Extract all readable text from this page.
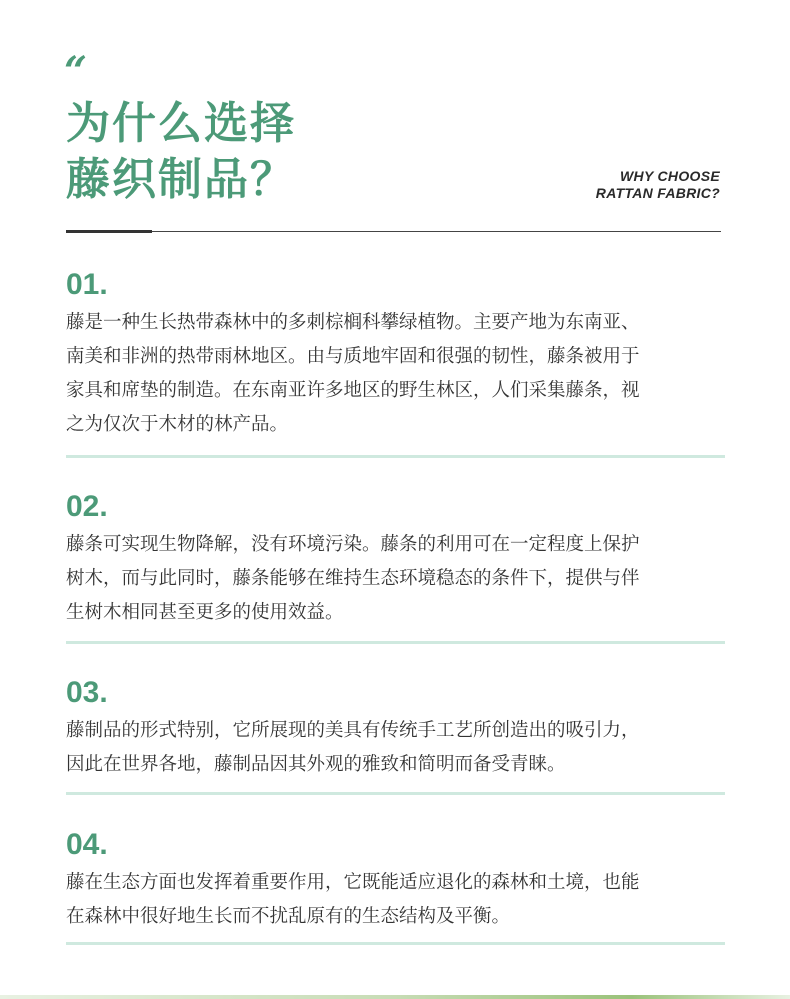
“
为什么选择
藤织制品？	WHY CHOOSE
RATTAN FABRIC?
01.
藤是一种生长热带森林中的多刺棕榈科攀绿植物。主要产地为东南亚、
南美和非洲的热带雨林地区。由与质地牢固和很强的韧性，藤条被用于
家具和席垫的制造。在东南亚许多地区的野生林区，人们采集藤条，视
之为仅次于木材的林产品。
02.
藤条可实现生物降解，没有环境污染。藤条的利用可在一定程度上保护
树木，而与此同时，藤条能够在维持生态环境稳态的条件下，提供与伴
生树木相同甚至更多的使用效益。
03.
藤制品的形式特别，它所展现的美具有传统手工艺所创造出的吸引力，
因此在世界各地，藤制品因其外观的雅致和简明而备受青睐。
04.
藤在生态方面也发挥着重要作用，它既能适应退化的森林和土境，也能
在森林中很好地生长而不扰乱原有的生态结构及平衡。
